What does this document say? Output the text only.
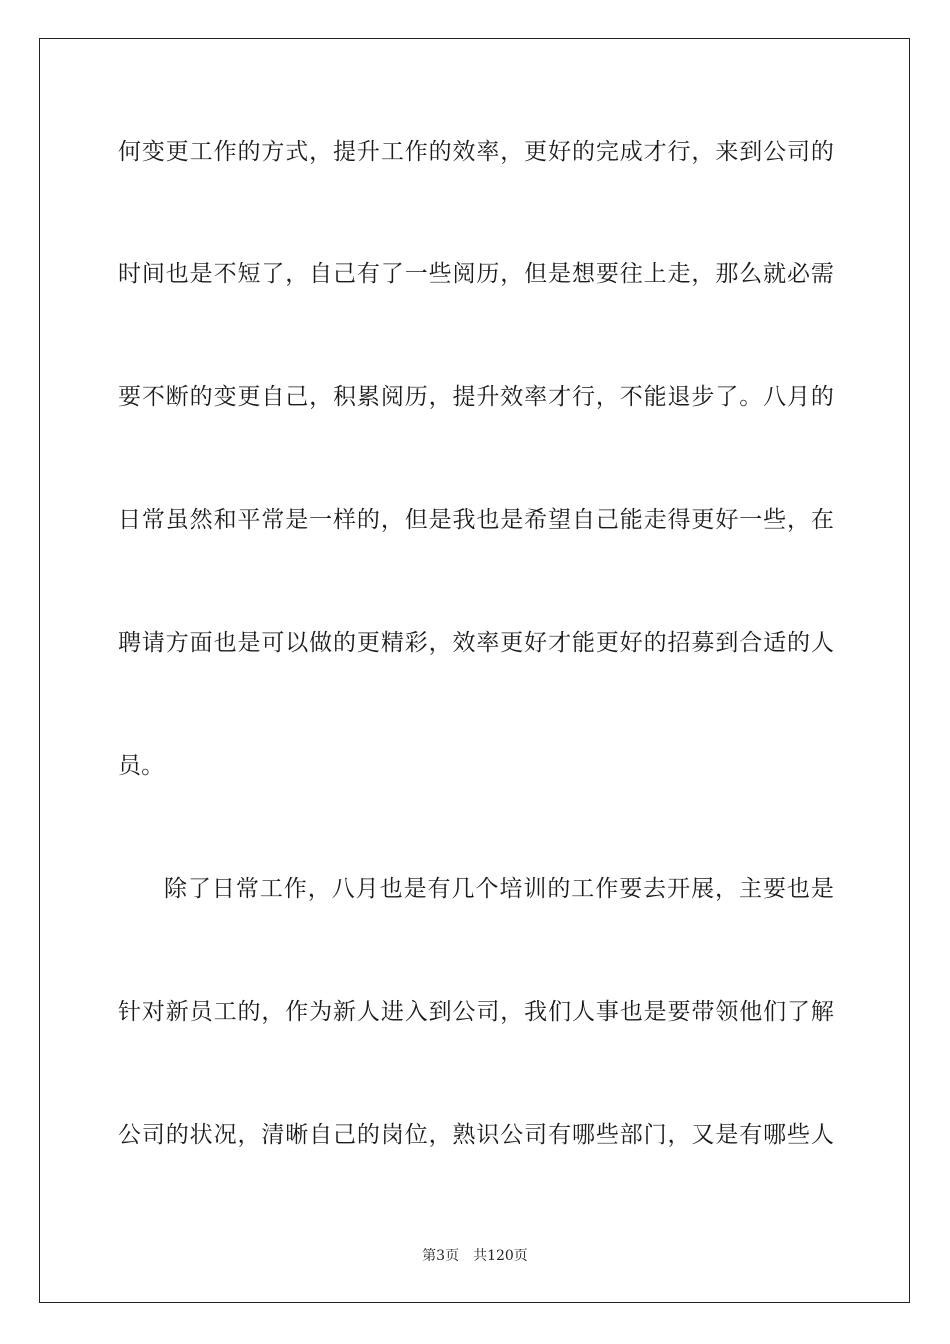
何变更工作的方式，提升工作的效率，更好的完成才行，来到公司的
时间也是不短了，自己有了一些阅历，但是想要往上走，那么就必需
要不断的变更自己，积累阅历，提升效率才行，不能退步了。八月的
日常虽然和平常是一样的，但是我也是希望自己能走得更好一些，在
聘请方面也是可以做的更精彩，效率更好才能更好的招募到合适的人
员。
除了日常工作，八月也是有几个培训的工作要去开展，主要也是
针对新员工的，作为新人进入到公司，我们人事也是要带领他们了解
公司的状况，清晰自己的岗位，熟识公司有哪些部门，又是有哪些人
第3页　共120页
